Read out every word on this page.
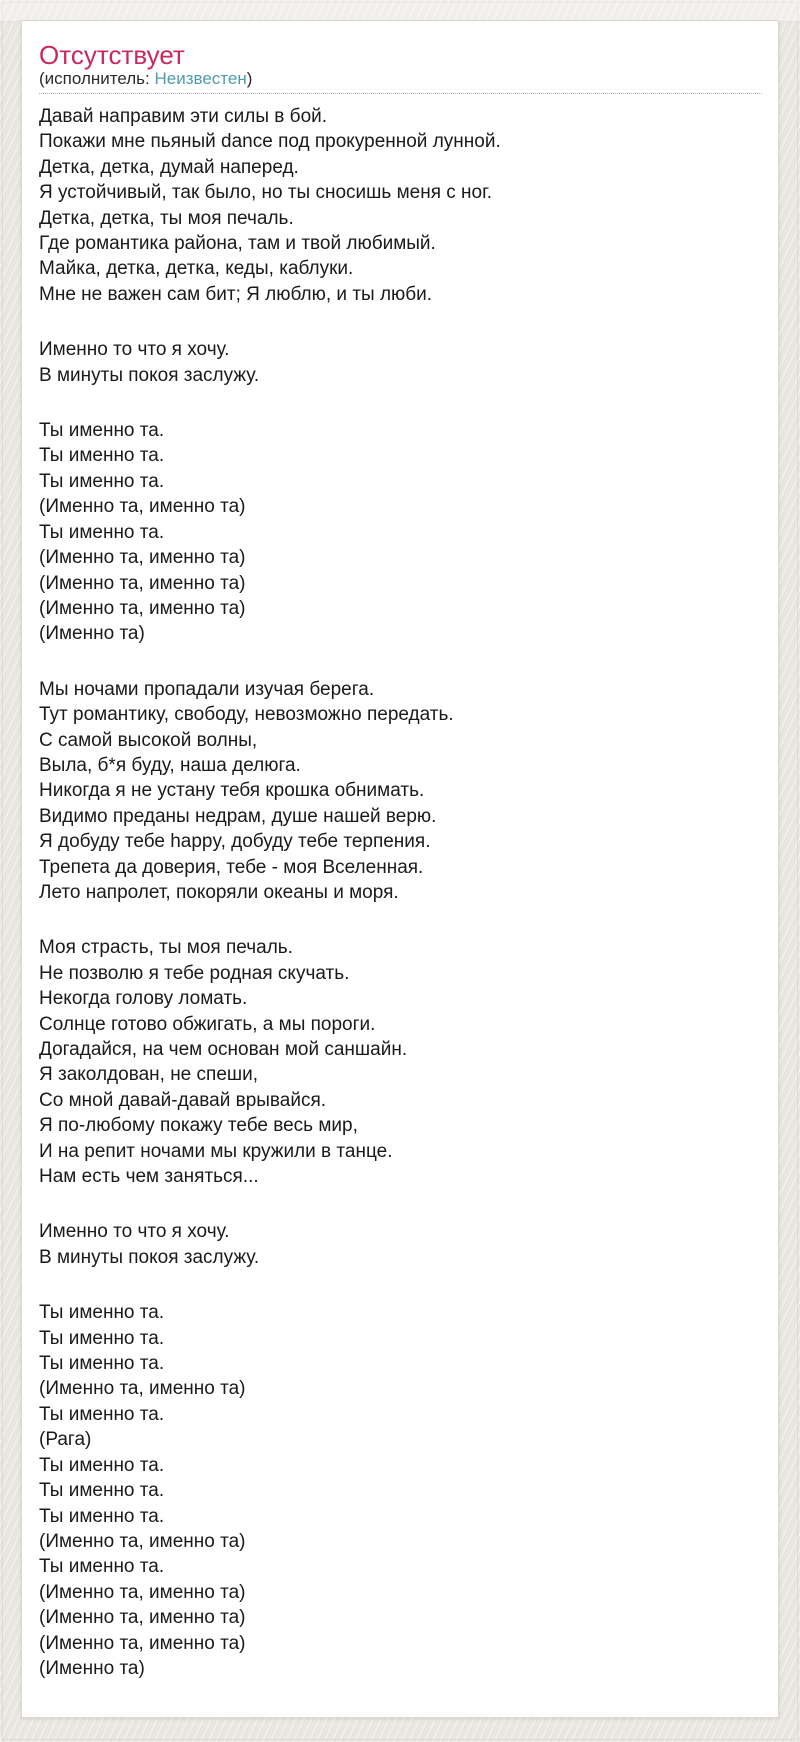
Отсутствует
(исполнитель: Неизвестен)
Давай направим эти силы в бой.
Покажи мне пьяный dance под прокуренной лунной.
Детка, детка, думай наперед.
Я устойчивый, так было, но ты сносишь меня с ног.
Детка, детка, ты моя печаль.
Где романтика района, там и твой любимый.
Майка, детка, детка, кеды, каблуки.
Мне не важен сам бит; Я люблю, и ты люби.
Именно то что я хочу.
В минуты покоя заслужу.
Ты именно та.
Ты именно та.
Ты именно та.
(Именно та, именно та)
Ты именно та.
(Именно та, именно та)
(Именно та, именно та)
(Именно та, именно та)
(Именно та)
Мы ночами пропадали изучая берега.
Тут романтику, свободу, невозможно передать.
С самой высокой волны,
Выла, б*я буду, наша делюга.
Никогда я не устану тебя крошка обнимать.
Видимо преданы недрам, душе нашей верю.
Я добуду тебе happy, добуду тебе терпения.
Трепета да доверия, тебе - моя Вселенная.
Лето напролет, покоряли океаны и моря.
Моя страсть, ты моя печаль.
Не позволю я тебе родная скучать.
Некогда голову ломать.
Солнце готово обжигать, а мы пороги.
Догадайся, на чем основан мой саншайн.
Я заколдован, не спеши,
Со мной давай-давай врывайся.
Я по-любому покажу тебе весь мир,
И на репит ночами мы кружили в танце.
Нам есть чем заняться...
Именно то что я хочу.
В минуты покоя заслужу.
Ты именно та.
Ты именно та.
Ты именно та.
(Именно та, именно та)
Ты именно та.
(Рага)
Ты именно та.
Ты именно та.
Ты именно та.
(Именно та, именно та)
Ты именно та.
(Именно та, именно та)
(Именно та, именно та)
(Именно та, именно та)
(Именно та)
